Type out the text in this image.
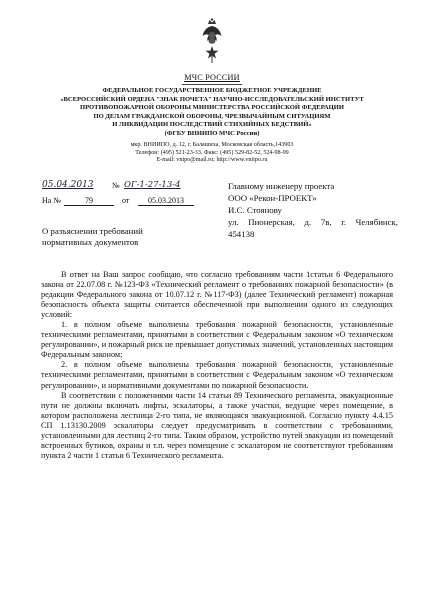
МЧС РОССИИ
ФЕДЕРАЛЬНОЕ ГОСУДАРСТВЕННОЕ БЮДЖЕТНОЕ УЧРЕЖДЕНИЕ
«ВСЕРОССИЙСКИЙ ОРДЕНА "ЗНАК ПОЧЕТА" НАУЧНО-ИССЛЕДОВАТЕЛЬСКИЙ ИНСТИТУТ
ПРОТИВОПОЖАРНОЙ ОБОРОНЫ МИНИСТЕРСТВА РОССИЙСКОЙ ФЕДЕРАЦИИ
ПО ДЕЛАМ ГРАЖДАНСКОЙ ОБОРОНЫ, ЧРЕЗВЫЧАЙНЫМ СИТУАЦИЯМ
И ЛИКВИДАЦИИ ПОСЛЕДСТВИЙ СТИХИЙНЫХ БЕДСТВИЙ»
(ФГБУ ВНИИПО МЧС России)
мкр. ВНИИПО, д. 12, г. Балашиха, Московская область,143903
Телефон: (495) 521-23-33. Факс: (495) 529-82-52, 524-98-99
E-mail: vnipo@mail.ru; http://www.vniipo.ru
05.04.2013 № ОГ-1-27-13-4
На №	79	от	05.03.2013
О разъяснении требований
нормативных документов
Главному инженеру проекта
ООО «Рекон-ПРОЕКТ»
И.С. Стоянову
ул. Пионерская, д. 7в, г. Челябинск,
454138

В ответ на Ваш запрос сообщаю, что согласно требованиям части 1статьи 6 Федерального закона от 22.07.08 г. №123-ФЗ «Технический регламент о требованиях пожарной безопасности» (в редакции Федерального закона от 10.07.12 г. №117-ФЗ) (далее Технический регламент) пожарная безопасность объекта защиты считается обеспеченной при выполнении одного из следующих условий:

1. в полном объеме выполнены требования пожарной безопасности, установленные техническими регламентами, принятыми в соответствии с Федеральным законом «О техническом регулировании», и пожарный риск не превышает допустимых значений, установленных настоящим Федеральным законом;

2. в полном объеме выполнены требования пожарной безопасности, установленные техническими регламентами, принятыми в соответствии с Федеральным законом «О техническом регулировании», и нормативными документами по пожарной безопасности.

В соответствии с положениями части 14 статьи 89 Технического регламента, эвакуационные пути не должны включать лифты, эскалаторы, а также участки, ведущие через помещение, в котором расположена лестница 2-го типа, не являющаяся эвакуационной. Согласно пункту 4.4.15 СП 1.13130.2009 эскалаторы следует предусматривать в соответствии с требованиями, установленными для лестниц 2-го типа. Таким образом, устройство путей эвакуации из помещений встроенных бутиков, охраны и т.п. через помещение с эскалатором не соответствуют требованиям пункта 2 части 1 статьи 6 Технического регламента.
